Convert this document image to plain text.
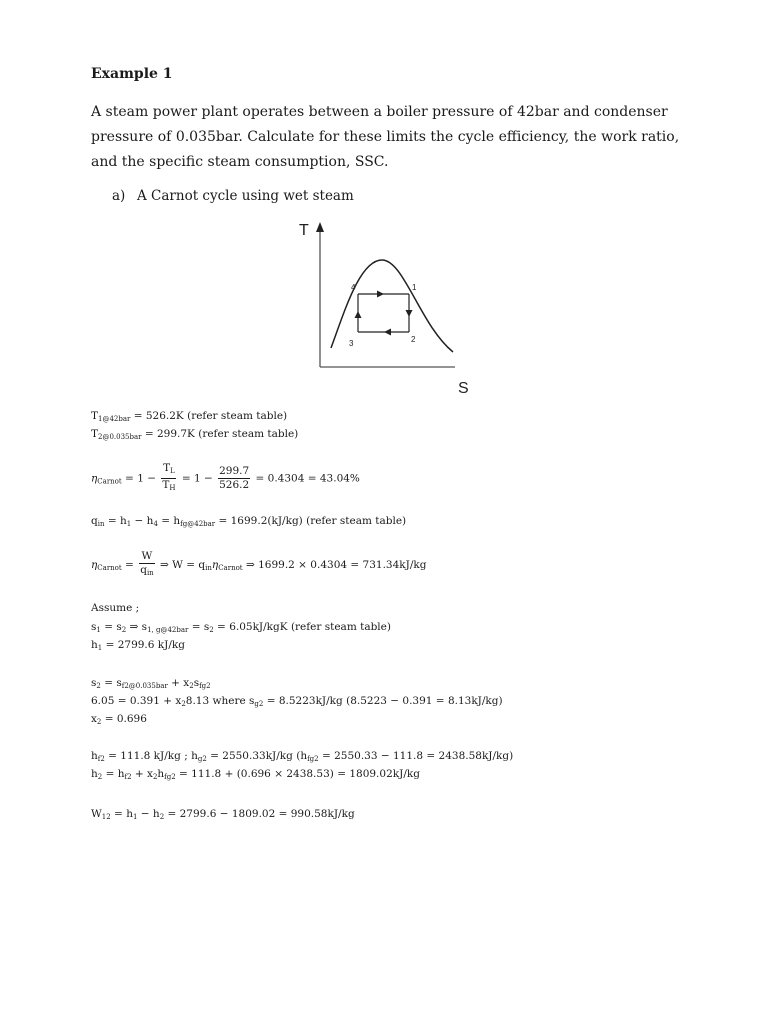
Example 1
A steam power plant operates between a boiler pressure of 42bar and condenser pressure of 0.035bar. Calculate for these limits the cycle efficiency, the work ratio, and the specific steam consumption, SSC.
a) A Carnot cycle using wet steam
T
S
1
2
3
4
$T_{1@42bar} = 526.2K$ (refer steam table)
$T_{2@0.035bar} = 299.7K$ (refer steam table)
$\eta_{Carnot} = 1 - \frac{T_L}{T_H} = 1 - \frac{299.7}{526.2} = 0.4304 = 43.04\%$
$q_{in} = h_1 - h_4 = h_{fg@42bar} = 1699.2(kJ/kg)$ (refer steam table)
$\eta_{Carnot} = \frac{W}{q_{in}}$ ⇒ $W = q_{in}\eta_{Carnot}$ ⇒ 1699.2 × 0.4304 = 731.34kJ/kg
Assume ;
$s_1 = s_2$ ⇒ $s_{1, g@42bar} = s_2 = 6.05kJ/kgK$ (refer steam table)
$h_1 = 2799.6$ kJ/kg
$s_2 = s_{f2@0.035bar} + x_2s_{fg2}$
$6.05 = 0.391 + x_28.13$ where $s_{g2} = 8.5223kJ/kg$ (8.5223 − 0.391 = 8.13kJ/kg)
$x_2 = 0.696$
$h_{f2} = 111.8$ kJ/kg ; $h_{g2} = 2550.33kJ/kg$ $(h_{fg2} = 2550.33 - 111.8 = 2438.58kJ/kg)$
$h_2 = h_{f2} + x_2h_{fg2} = 111.8 + (0.696 \times 2438.53) = 1809.02kJ/kg$
$W_{12} = h_1 - h_2 = 2799.6 - 1809.02 = 990.58kJ/kg$
